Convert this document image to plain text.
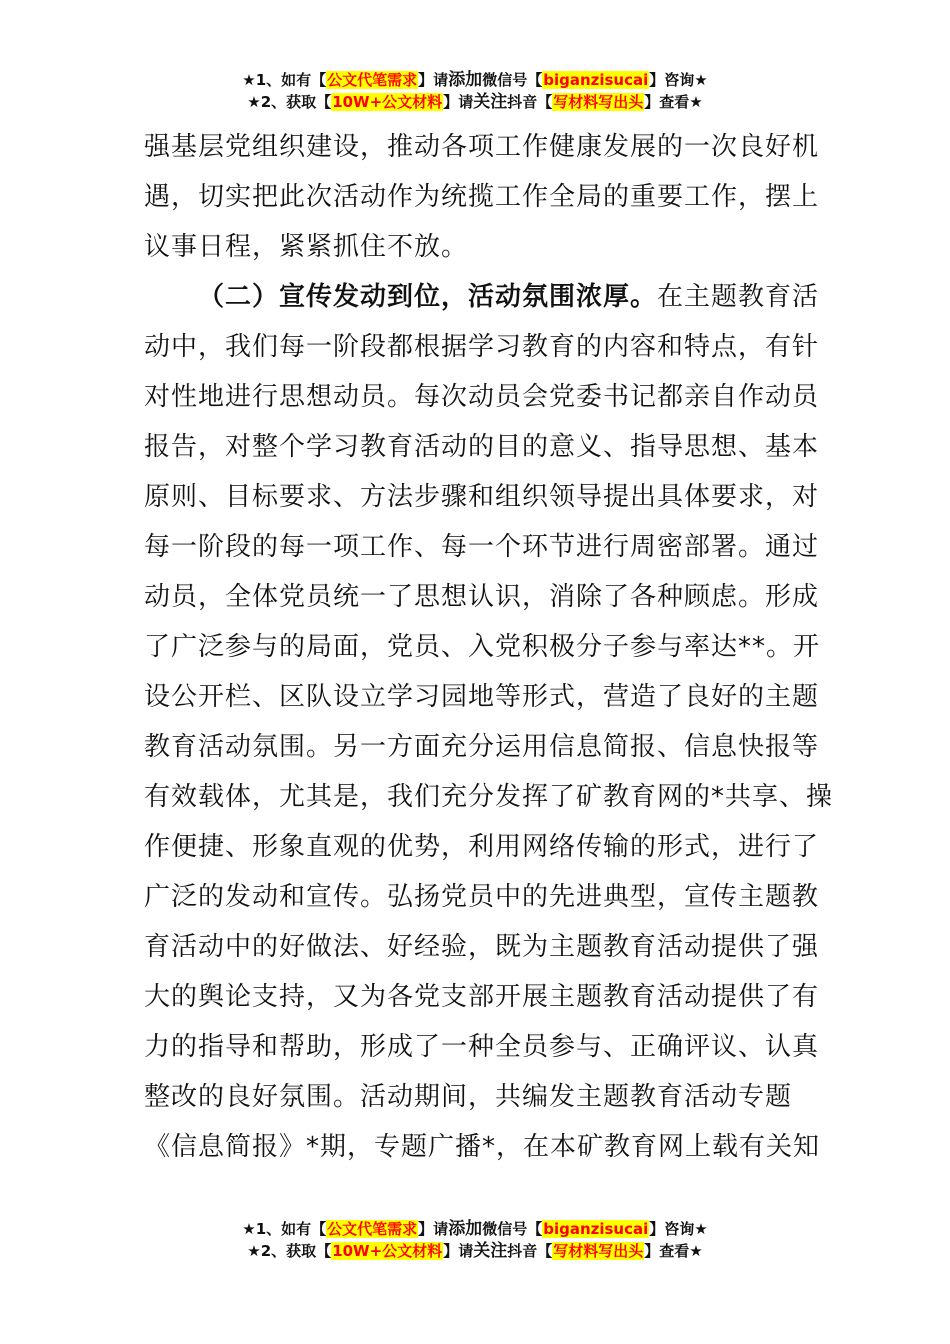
★1、如有【公文代笔需求】请添加微信号【biganzisucai】咨询★
★2、获取【10W+公文材料】请关注抖音【写材料写出头】查看★
强基层党组织建设，推动各项工作健康发展的一次良好机
遇，切实把此次活动作为统揽工作全局的重要工作，摆上
议事日程，紧紧抓住不放。
（二）宣传发动到位，活动氛围浓厚。在主题教育活
动中，我们每一阶段都根据学习教育的内容和特点，有针
对性地进行思想动员。每次动员会党委书记都亲自作动员
报告，对整个学习教育活动的目的意义、指导思想、基本
原则、目标要求、方法步骤和组织领导提出具体要求，对
每一阶段的每一项工作、每一个环节进行周密部署。通过
动员，全体党员统一了思想认识，消除了各种顾虑。形成
了广泛参与的局面，党员、入党积极分子参与率达**。开
设公开栏、区队设立学习园地等形式，营造了良好的主题
教育活动氛围。另一方面充分运用信息简报、信息快报等
有效载体，尤其是，我们充分发挥了矿教育网的*共享、操
作便捷、形象直观的优势，利用网络传输的形式，进行了
广泛的发动和宣传。弘扬党员中的先进典型，宣传主题教
育活动中的好做法、好经验，既为主题教育活动提供了强
大的舆论支持，又为各党支部开展主题教育活动提供了有
力的指导和帮助，形成了一种全员参与、正确评议、认真
整改的良好氛围。活动期间，共编发主题教育活动专题
《信息简报》*期，专题广播*，在本矿教育网上载有关知
★1、如有【公文代笔需求】请添加微信号【biganzisucai】咨询★
★2、获取【10W+公文材料】请关注抖音【写材料写出头】查看★
